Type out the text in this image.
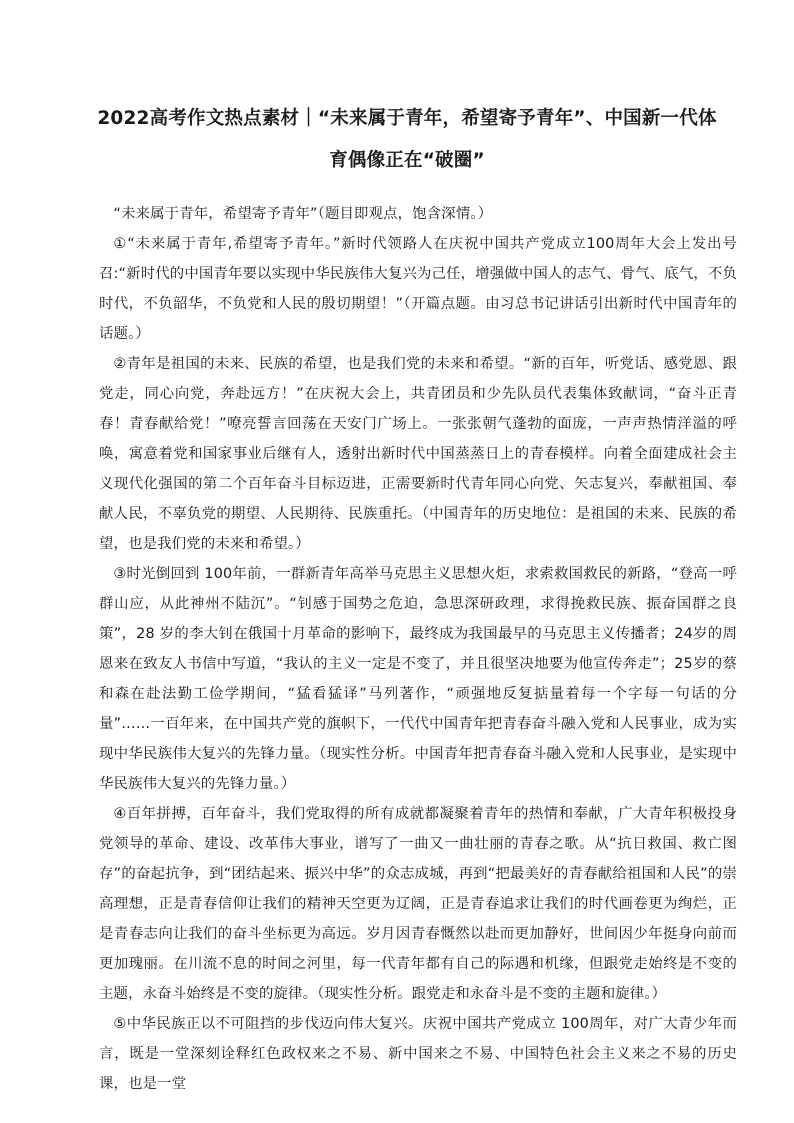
2022高考作文热点素材｜“未来属于青年，希望寄予青年”、中国新一代体育偶像正在“破圈”

“未来属于青年，希望寄予青年”（题目即观点，饱含深情。）

①“未来属于青年,希望寄予青年。”新时代领路人在庆祝中国共产党成立100周年大会上发出号召:“新时代的中国青年要以实现中华民族伟大复兴为己任，增强做中国人的志气、骨气、底气，不负时代，不负韶华，不负党和人民的殷切期望！”（开篇点题。由习总书记讲话引出新时代中国青年的话题。）

②青年是祖国的未来、民族的希望，也是我们党的未来和希望。“新的百年，听党话、感党恩、跟党走，同心向党，奔赴远方！”在庆祝大会上，共青团员和少先队员代表集体致献词，“奋斗正青春！青春献给党！”嘹亮誓言回荡在天安门广场上。一张张朝气蓬勃的面庞，一声声热情洋溢的呼唤，寓意着党和国家事业后继有人，透射出新时代中国蒸蒸日上的青春模样。向着全面建成社会主义现代化强国的第二个百年奋斗目标迈进，正需要新时代青年同心向党、矢志复兴，奉献祖国、奉献人民，不辜负党的期望、人民期待、民族重托。（中国青年的历史地位：是祖国的未来、民族的希望，也是我们党的未来和希望。）

③时光倒回到 100年前，一群新青年高举马克思主义思想火炬，求索救国救民的新路，“登高一呼群山应，从此神州不陆沉”。“钊感于国势之危迫，急思深研政理，求得挽救民族、振奋国群之良策”，28 岁的李大钊在俄国十月革命的影响下，最终成为我国最早的马克思主义传播者；24岁的周恩来在致友人书信中写道，“我认的主义一定是不变了，并且很坚决地要为他宣传奔走”；25岁的蔡和森在赴法勤工俭学期间，“猛看猛译”马列著作，“顽强地反复掂量着每一个字每一句话的分量”……一百年来，在中国共产党的旗帜下，一代代中国青年把青春奋斗融入党和人民事业，成为实现中华民族伟大复兴的先锋力量。（现实性分析。中国青年把青春奋斗融入党和人民事业，是实现中华民族伟大复兴的先锋力量。）

④百年拼搏，百年奋斗，我们党取得的所有成就都凝聚着青年的热情和奉献，广大青年积极投身党领导的革命、建设、改革伟大事业，谱写了一曲又一曲壮丽的青春之歌。从“抗日救国、救亡图存”的奋起抗争，到“团结起来、振兴中华”的众志成城，再到“把最美好的青春献给祖国和人民”的崇高理想，正是青春信仰让我们的精神天空更为辽阔，正是青春追求让我们的时代画卷更为绚烂，正是青春志向让我们的奋斗坐标更为高远。岁月因青春慨然以赴而更加静好，世间因少年挺身向前而更加瑰丽。在川流不息的时间之河里，每一代青年都有自己的际遇和机缘，但跟党走始终是不变的主题，永奋斗始终是不变的旋律。（现实性分析。跟党走和永奋斗是不变的主题和旋律。）

⑤中华民族正以不可阻挡的步伐迈向伟大复兴。庆祝中国共产党成立 100周年，对广大青少年而言，既是一堂深刻诠释红色政权来之不易、新中国来之不易、中国特色社会主义来之不易的历史课，也是一堂
